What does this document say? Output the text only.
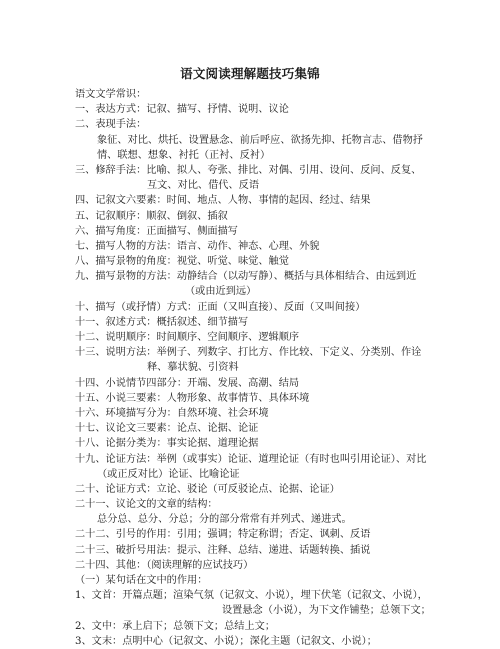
语文阅读理解题技巧集锦
语文文学常识：
一、表达方式：记叙、描写、抒情、说明、议论
二、表现手法：
象征、对比、烘托、设置悬念、前后呼应、欲扬先抑、托物言志、借物抒
情、联想、想象、衬托（正衬、反衬）
三、修辞手法：比喻、拟人、夸张、排比、对偶、引用、设问、反问、反复、
互文、对比、借代、反语
四、记叙文六要素：时间、地点、人物、事情的起因、经过、结果
五、记叙顺序：顺叙、倒叙、插叙
六、描写角度：正面描写、侧面描写
七、描写人物的方法：语言、动作、神态、心理、外貌
八、描写景物的角度：视觉、听觉、味觉、触觉
九、描写景物的方法：动静结合（以动写静）、概括与具体相结合、由远到近
（或由近到远）
十、描写（或抒情）方式：正面（又叫直接）、反面（又叫间接）
十一、叙述方式：概括叙述、细节描写
十二、说明顺序：时间顺序、空间顺序、逻辑顺序
十三、说明方法：举例子、列数字、打比方、作比较、下定义、分类别、作诠
释、摹状貌、引资料
十四、小说情节四部分：开端、发展、高潮、结局
十五、小说三要素：人物形象、故事情节、具体环境
十六、环境描写分为：自然环境、社会环境
十七、议论文三要素：论点、论据、论证
十八、论据分类为：事实论据、道理论据
十九、论证方法：举例（或事实）论证、道理论证（有时也叫引用论证）、对比
（或正反对比）论证、比喻论证
二十、论证方式：立论、驳论（可反驳论点、论据、论证）
二十一、议论文的文章的结构：
总分总、总分、分总；分的部分常常有并列式、递进式。
二十二、引号的作用：引用；强调；特定称谓；否定、讽刺、反语
二十三、破折号用法：提示、注释、总结、递进、话题转换、插说
二十四、其他：（阅读理解的应试技巧）
（一）某句话在文中的作用：
1、文首：开篇点题；渲染气氛（记叙文、小说），埋下伏笔（记叙文、小说），
设置悬念（小说），为下文作铺垫；总领下文；
2、文中：承上启下；总领下文；总结上文；
3、文末：点明中心（记叙文、小说）；深化主题（记叙文、小说）；
